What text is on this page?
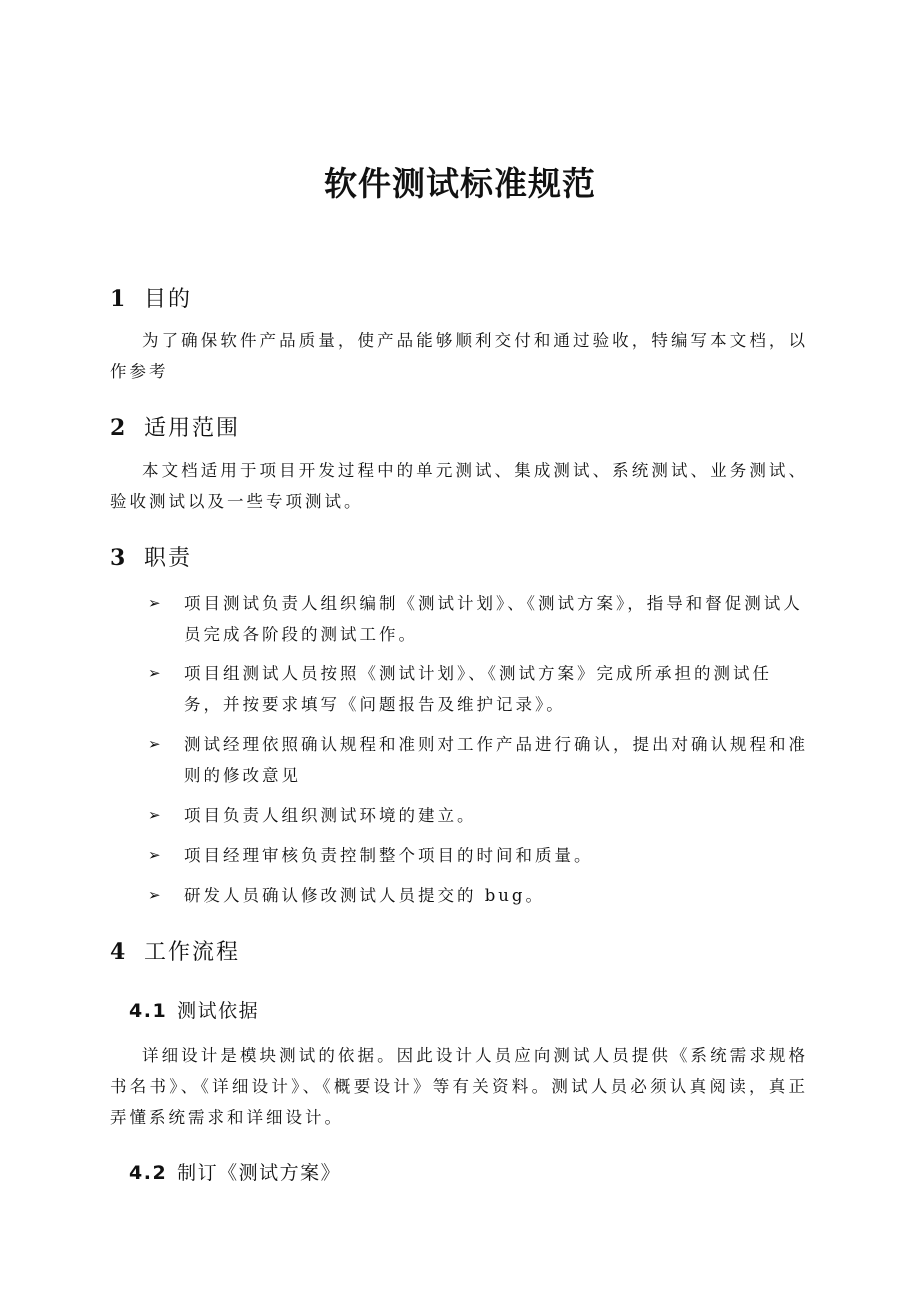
软件测试标准规范
1 目的
为了确保软件产品质量，使产品能够顺利交付和通过验收，特编写本文档，以作参考
2 适用范围
本文档适用于项目开发过程中的单元测试、集成测试、系统测试、业务测试、验收测试以及一些专项测试。
3 职责
➢ 项目测试负责人组织编制《测试计划》、《测试方案》，指导和督促测试人员完成各阶段的测试工作。
➢ 项目组测试人员按照《测试计划》、《测试方案》完成所承担的测试任务，并按要求填写《问题报告及维护记录》。
➢ 测试经理依照确认规程和准则对工作产品进行确认，提出对确认规程和准则的修改意见
➢ 项目负责人组织测试环境的建立。
➢ 项目经理审核负责控制整个项目的时间和质量。
➢ 研发人员确认修改测试人员提交的 bug。
4 工作流程
4.1 测试依据
详细设计是模块测试的依据。因此设计人员应向测试人员提供《系统需求规格书名书》、《详细设计》、《概要设计》等有关资料。测试人员必须认真阅读，真正弄懂系统需求和详细设计。
4.2 制订《测试方案》
